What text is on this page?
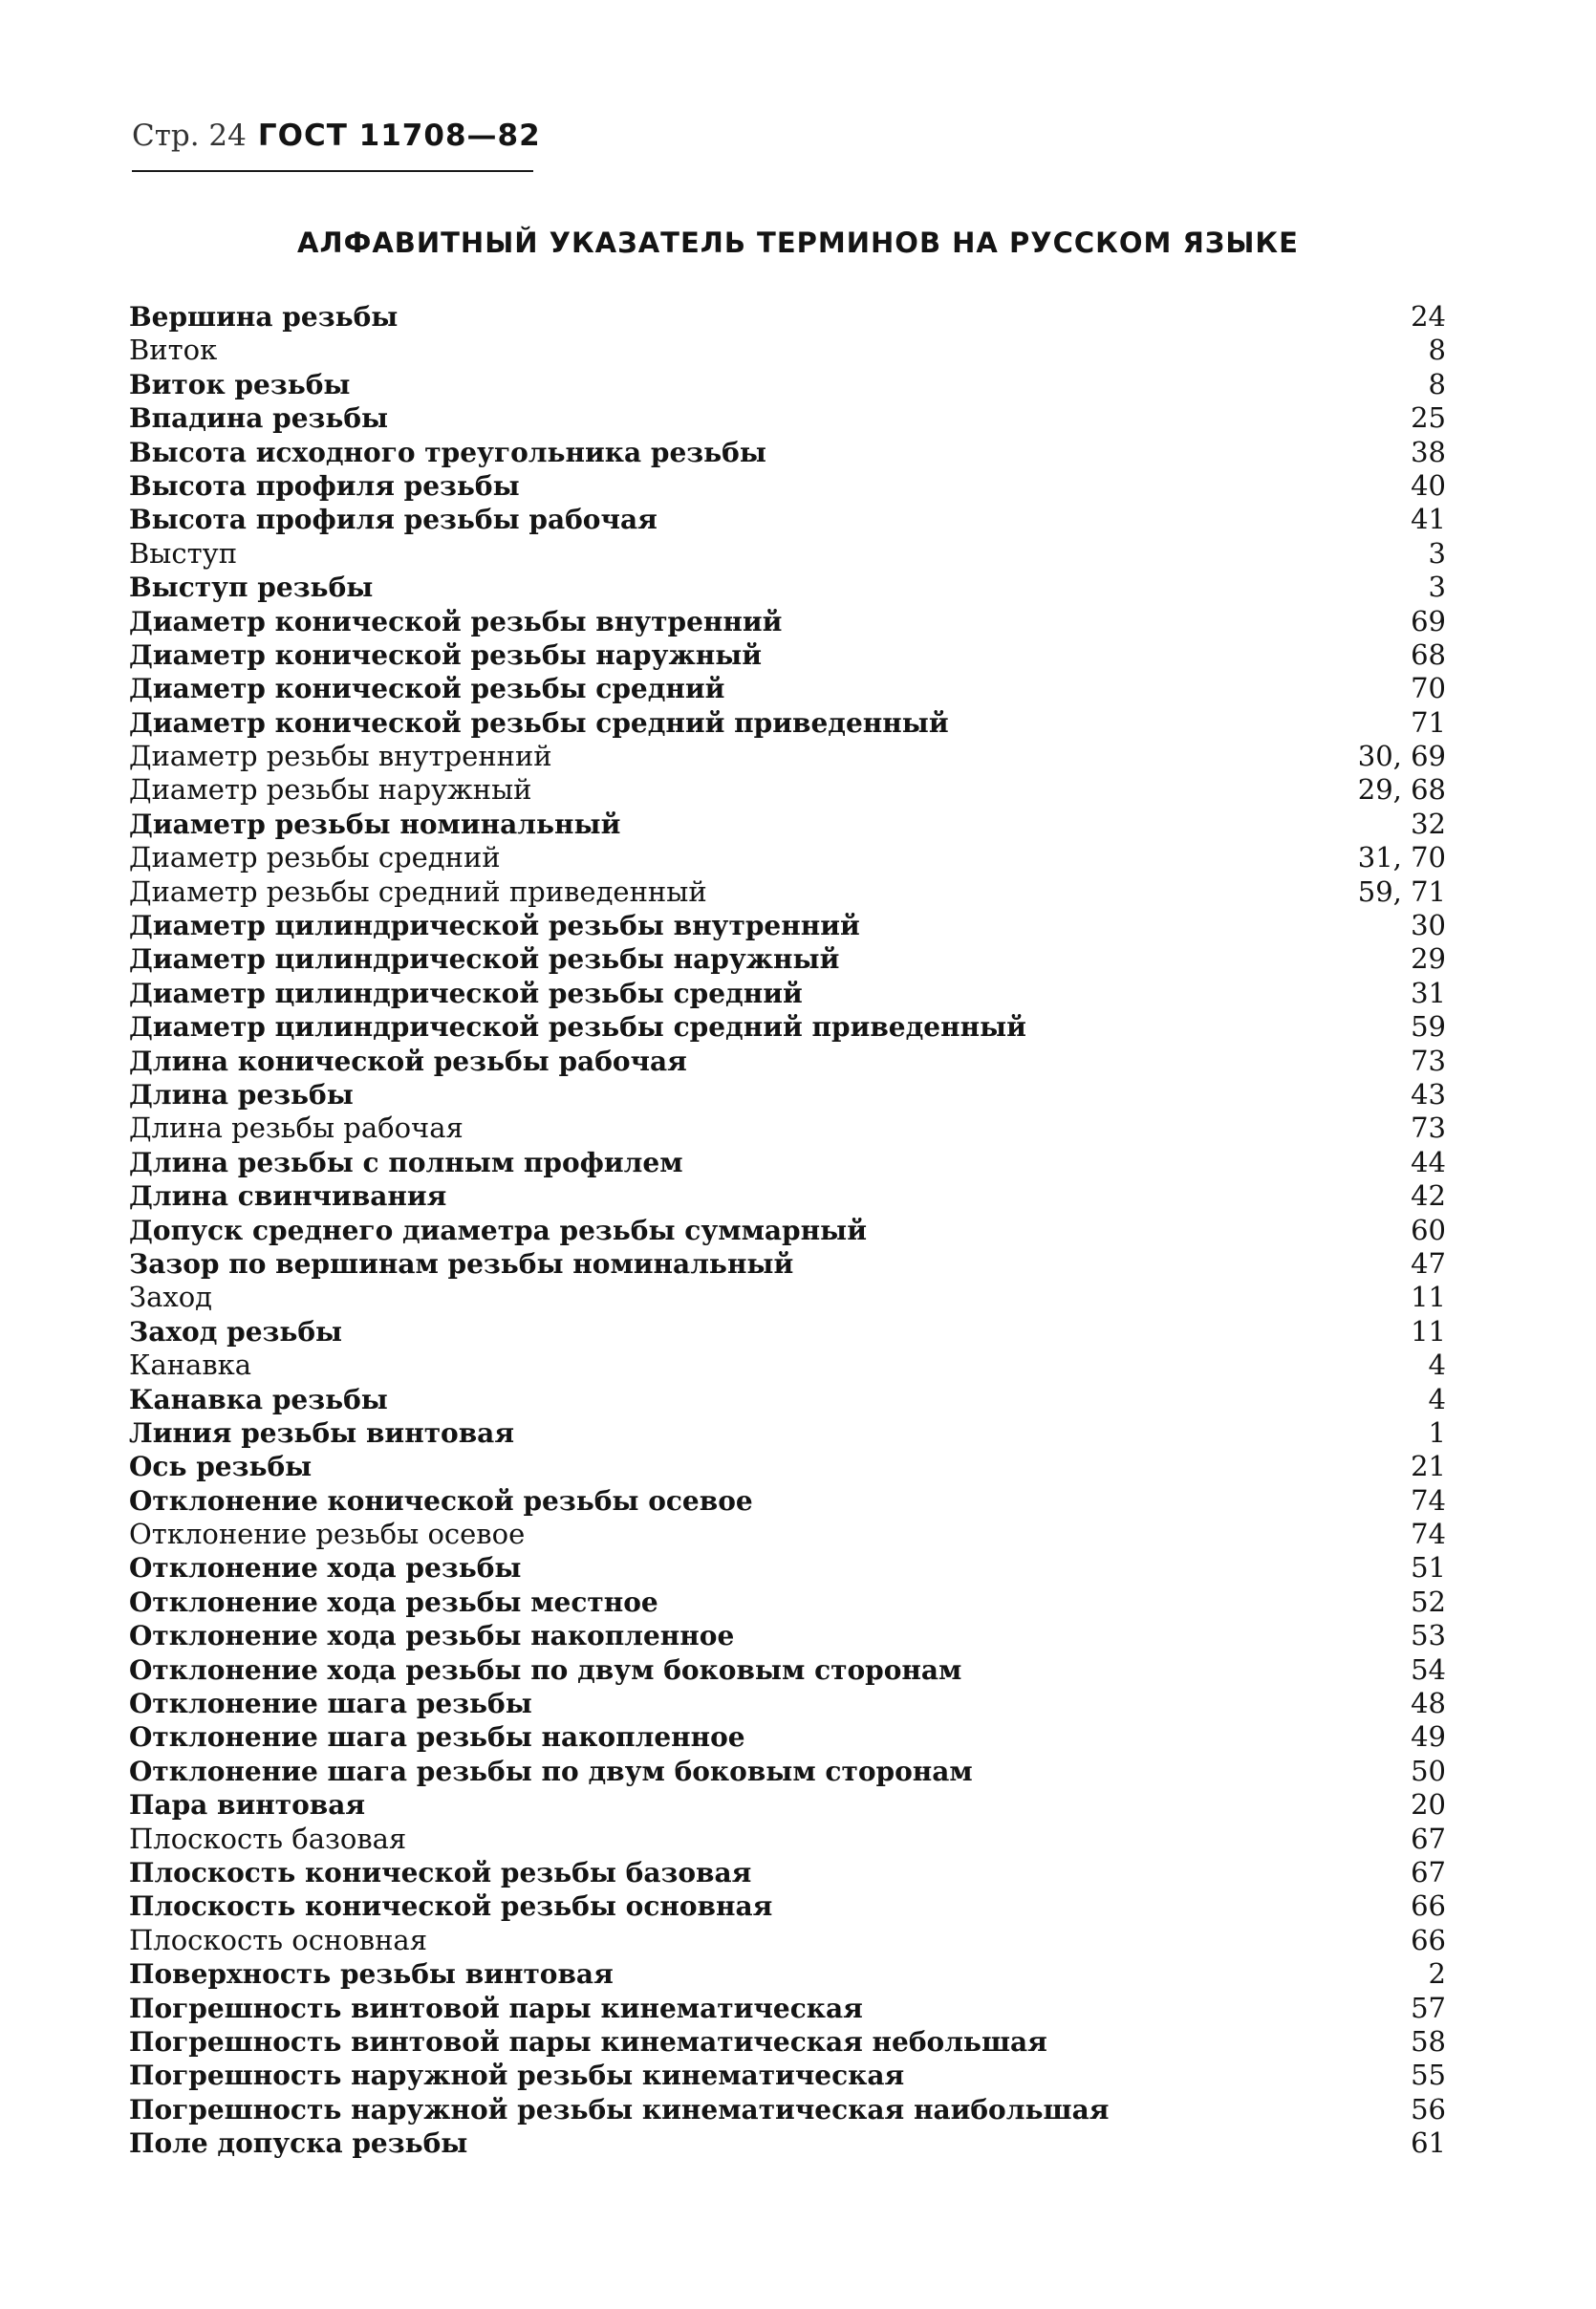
Стр. 24 ГОСТ 11708—82
АЛФАВИТНЫЙ УКАЗАТЕЛЬ ТЕРМИНОВ НА РУССКОМ ЯЗЫКЕ
Вершина резьбы	24
Виток	8
Виток резьбы	8
Впадина резьбы	25
Высота исходного треугольника резьбы	38
Высота профиля резьбы	40
Высота профиля резьбы рабочая	41
Выступ	3
Выступ резьбы	3
Диаметр конической резьбы внутренний	69
Диаметр конической резьбы наружный	68
Диаметр конической резьбы средний	70
Диаметр конической резьбы средний приведенный	71
Диаметр резьбы внутренний	30, 69
Диаметр резьбы наружный	29, 68
Диаметр резьбы номинальный	32
Диаметр резьбы средний	31, 70
Диаметр резьбы средний приведенный	59, 71
Диаметр цилиндрической резьбы внутренний	30
Диаметр цилиндрической резьбы наружный	29
Диаметр цилиндрической резьбы средний	31
Диаметр цилиндрической резьбы средний приведенный	59
Длина конической резьбы рабочая	73
Длина резьбы	43
Длина резьбы рабочая	73
Длина резьбы с полным профилем	44
Длина свинчивания	42
Допуск среднего диаметра резьбы суммарный	60
Зазор по вершинам резьбы номинальный	47
Заход	11
Заход резьбы	11
Канавка	4
Канавка резьбы	4
Линия резьбы винтовая	1
Ось резьбы	21
Отклонение конической резьбы осевое	74
Отклонение резьбы осевое	74
Отклонение хода резьбы	51
Отклонение хода резьбы местное	52
Отклонение хода резьбы накопленное	53
Отклонение хода резьбы по двум боковым сторонам	54
Отклонение шага резьбы	48
Отклонение шага резьбы накопленное	49
Отклонение шага резьбы по двум боковым сторонам	50
Пара винтовая	20
Плоскость базовая	67
Плоскость конической резьбы базовая	67
Плоскость конической резьбы основная	66
Плоскость основная	66
Поверхность резьбы винтовая	2
Погрешность винтовой пары кинематическая	57
Погрешность винтовой пары кинематическая небольшая	58
Погрешность наружной резьбы кинематическая	55
Погрешность наружной резьбы кинематическая наибольшая	56
Поле допуска резьбы	61
